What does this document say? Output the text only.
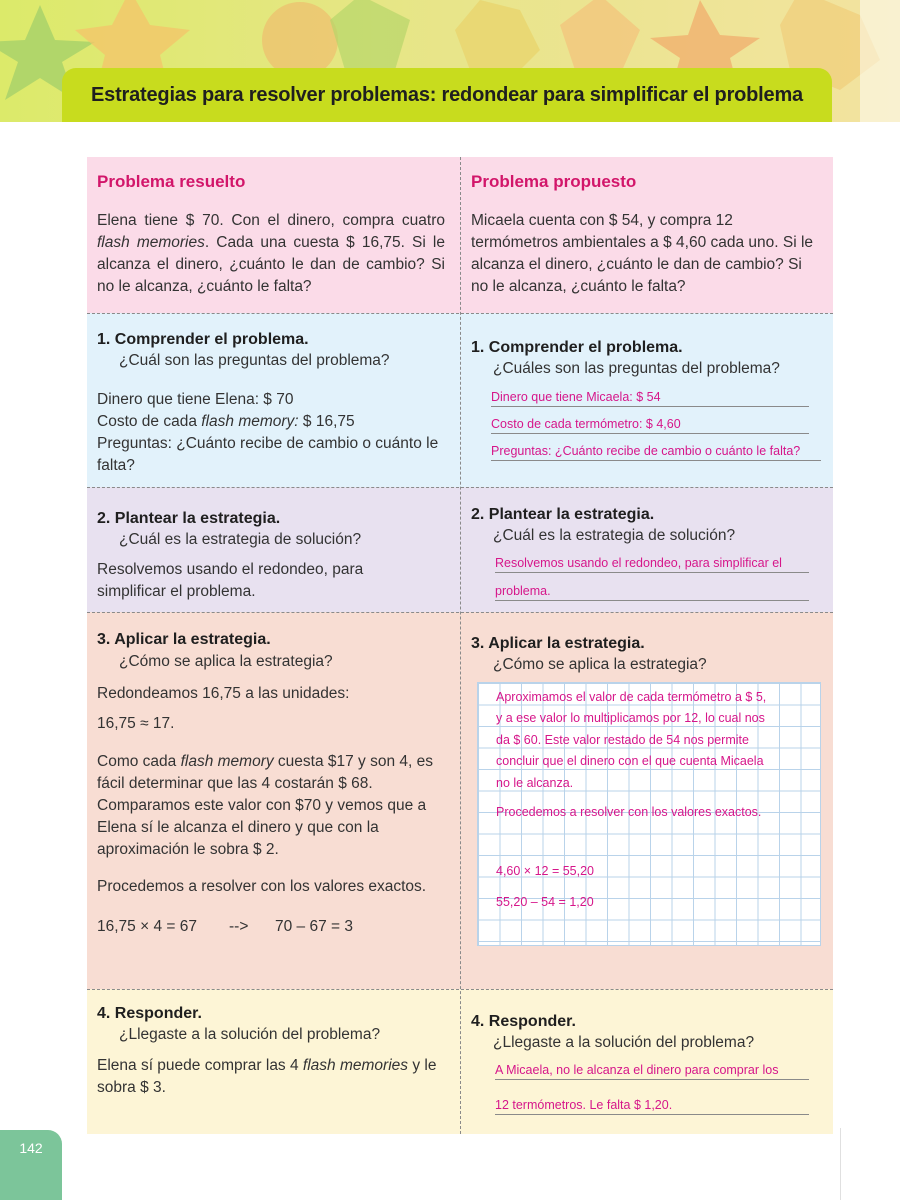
Estrategias para resolver problemas: redondear para simplificar el problema
Problema resuelto
Elena tiene $ 70. Con el dinero, compra cuatro flash memories. Cada una cuesta $ 16,75. Si le alcanza el dinero, ¿cuánto le dan de cambio? Si no le alcanza, ¿cuánto le falta?
1. Comprender el problema.
¿Cuál son las preguntas del problema?
Dinero que tiene Elena: $ 70
Costo de cada flash memory: $ 16,75
Preguntas: ¿Cuánto recibe de cambio o cuánto le falta?
2. Plantear la estrategia.
¿Cuál es la estrategia de solución?
Resolvemos usando el redondeo, para simplificar el problema.
3. Aplicar la estrategia.
¿Cómo se aplica la estrategia?
Redondeamos 16,75 a las unidades:
16,75 ≈ 17.
Como cada flash memory cuesta $17 y son 4, es fácil determinar que las 4 costarán $ 68. Comparamos este valor con $70 y vemos que a Elena sí le alcanza el dinero y que con la aproximación le sobra $ 2.
Procedemos a resolver con los valores exactos.
16,75 × 4 = 67 --> 70 – 67 = 3
4. Responder.
¿Llegaste a la solución del problema?
Elena sí puede comprar las 4 flash memories y le sobra $ 3.
Problema propuesto
Micaela cuenta con $ 54, y compra 12 termómetros ambientales a $ 4,60 cada uno. Si le alcanza el dinero, ¿cuánto le dan de cambio? Si no le alcanza, ¿cuánto le falta?
1. Comprender el problema.
¿Cuáles son las preguntas del problema?
Dinero que tiene Micaela: $ 54
Costo de cada termómetro: $ 4,60
Preguntas: ¿Cuánto recibe de cambio o cuánto le falta?
2. Plantear la estrategia.
¿Cuál es la estrategia de solución?
Resolvemos usando el redondeo, para simplificar el
problema.
3. Aplicar la estrategia.
¿Cómo se aplica la estrategia?
Aproximamos el valor de cada termómetro a $ 5,
y a ese valor lo multiplicamos por 12, lo cual nos
da $ 60. Este valor restado de 54 nos permite
concluir que el dinero con el que cuenta Micaela
no le alcanza.
Procedemos a resolver con los valores exactos.
4,60 × 12 = 55,20
55,20 – 54 = 1,20
4. Responder.
¿Llegaste a la solución del problema?
A Micaela, no le alcanza el dinero para comprar los
12 termómetros. Le falta $ 1,20.
142
